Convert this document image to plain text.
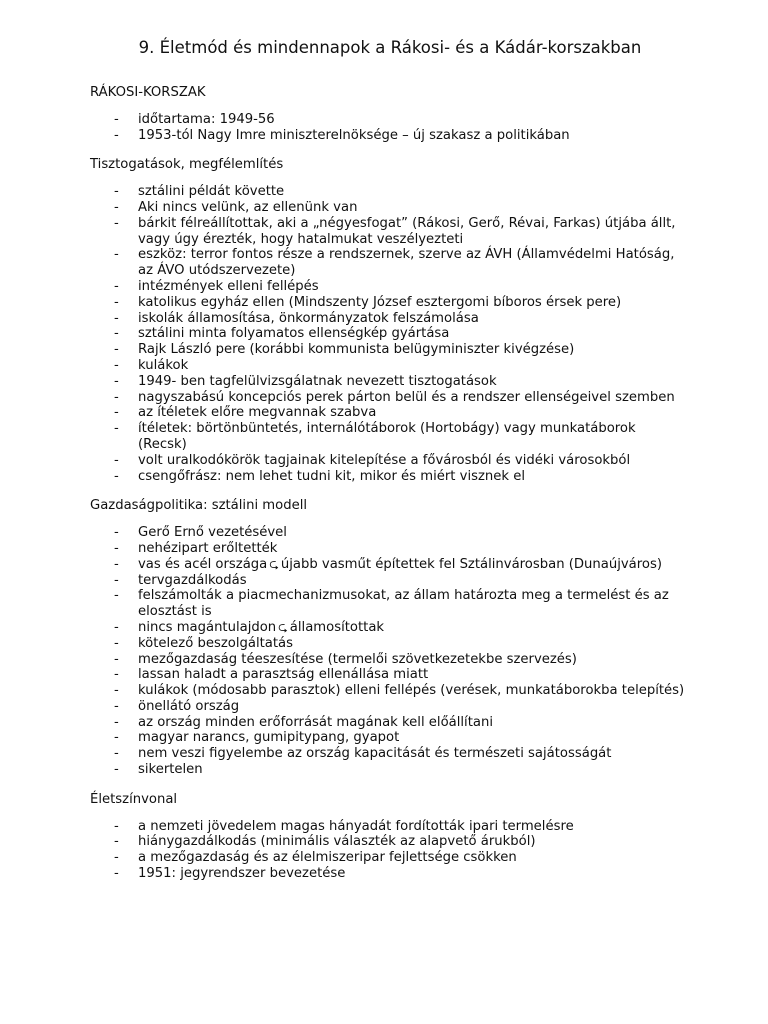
9. Életmód és mindennapok a Rákosi- és a Kádár-korszakban
RÁKOSI-KORSZAK
- időtartama: 1949-56
- 1953-tól Nagy Imre miniszterelnöksége – új szakasz a politikában
Tisztogatások, megfélemlítés
- sztálini példát követte
- Aki nincs velünk, az ellenünk van
- bárkit félreállítottak, aki a „négyesfogat” (Rákosi, Gerő, Révai, Farkas) útjába állt, vagy úgy érezték, hogy hatalmukat veszélyezteti
- eszköz: terror fontos része a rendszernek, szerve az ÁVH (Államvédelmi Hatóság, az ÁVO utódszervezete)
- intézmények elleni fellépés
- katolikus egyház ellen (Mindszenty József esztergomi bíboros érsek pere)
- iskolák államosítása, önkormányzatok felszámolása
- sztálini minta folyamatos ellenségkép gyártása
- Rajk László pere (korábbi kommunista belügyminiszter kivégzése)
- kulákok
- 1949- ben tagfelülvizsgálatnak nevezett tisztogatások
- nagyszabású koncepciós perek párton belül és a rendszer ellenségeivel szemben
- az ítéletek előre megvannak szabva
- ítéletek: börtönbüntetés, internálótáborok (Hortobágy) vagy munkatáborok (Recsk)
- volt uralkodókörök tagjainak kitelepítése a fővárosból és vidéki városokból
- csengőfrász: nem lehet tudni kit, mikor és miért visznek el
Gazdaságpolitika: sztálini modell
- Gerő Ernő vezetésével
- nehézipart erőltették
- vas és acél országa ⮎ újabb vasműt építettek fel Sztálinvárosban (Dunaújváros)
- tervgazdálkodás
- felszámolták a piacmechanizmusokat, az állam határozta meg a termelést és az elosztást is
- nincs magántulajdon ⮎ államosítottak
- kötelező beszolgáltatás
- mezőgazdaság téeszesítése (termelői szövetkezetekbe szervezés)
- lassan haladt a parasztság ellenállása miatt
- kulákok (módosabb parasztok) elleni fellépés (verések, munkatáborokba telepítés)
- önellátó ország
- az ország minden erőforrását magának kell előállítani
- magyar narancs, gumipitypang, gyapot
- nem veszi figyelembe az ország kapacitását és természeti sajátosságát
- sikertelen
Életszínvonal
- a nemzeti jövedelem magas hányadát fordították ipari termelésre
- hiánygazdálkodás (minimális választék az alapvető árukból)
- a mezőgazdaság és az élelmiszeripar fejlettsége csökken
- 1951: jegyrendszer bevezetése
